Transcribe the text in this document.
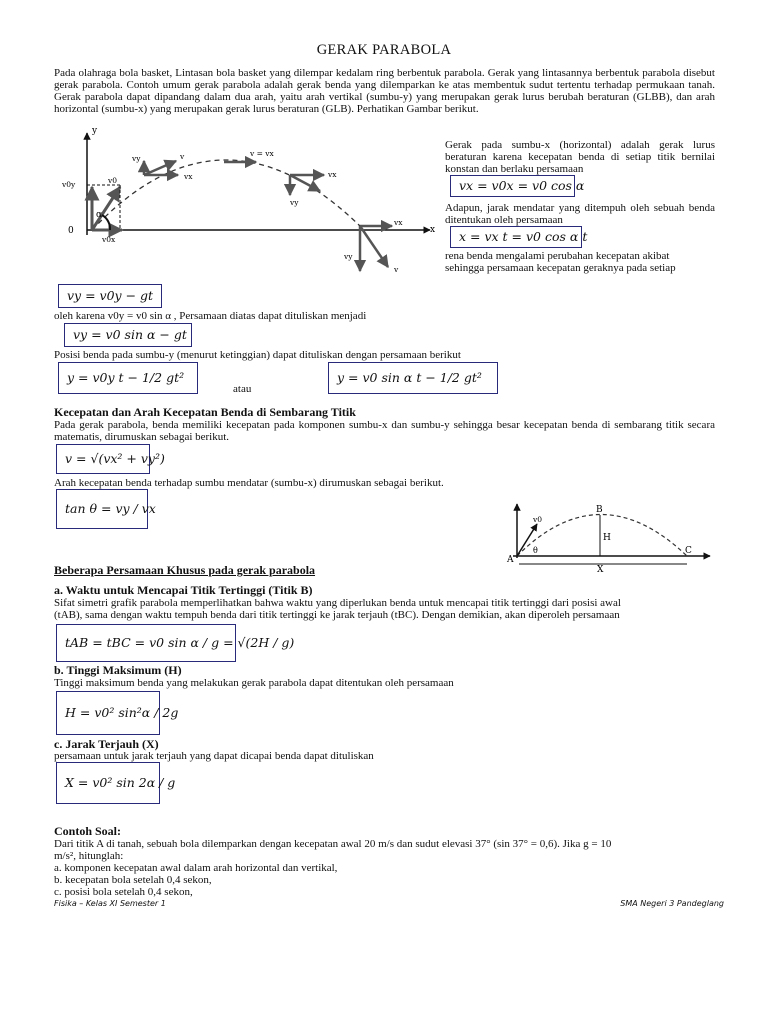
GERAK PARABOLA
Pada olahraga bola basket, Lintasan bola basket yang dilempar kedalam ring berbentuk parabola. Gerak yang lintasannya berbentuk parabola disebut gerak parabola. Contoh umum gerak parabola adalah gerak benda yang dilemparkan ke atas membentuk sudut tertentu terhadap permukaan tanah. Gerak parabola dapat dipandang dalam dua arah, yaitu arah vertikal (sumbu-y) yang merupakan gerak lurus berubah beraturan (GLBB), dan arah horizontal (sumbu-x) yang merupakan gerak lurus beraturan (GLB). Perhatikan Gambar berikut.
y
x
0
v0y	v0
α
v0x
vy	v
vx
v = vx
vx
vy
vx
vy
v
Gerak pada sumbu-x (horizontal) adalah gerak lurus beraturan karena kecepatan benda di setiap titik bernilai konstan dan berlaku persamaan
vx = v0x = v0 cos α
Adapun, jarak mendatar yang ditempuh oleh sebuah benda ditentukan oleh persamaan
x = vx t = v0 cos α t
rena benda mengalami perubahan kecepatan akibat
sehingga persamaan kecepatan geraknya pada setiap
vy = v0y − gt
oleh karena v0y = v0 sin α , Persamaan diatas dapat dituliskan menjadi
vy = v0 sin α − gt
Posisi benda pada sumbu-y (menurut ketinggian) dapat dituliskan dengan persamaan berikut
y = v0y t − 1/2 gt²
atau
y = v0 sin α t − 1/2 gt²
Kecepatan dan Arah Kecepatan Benda di Sembarang Titik
Pada gerak parabola, benda memiliki kecepatan pada komponen sumbu-x dan sumbu-y sehingga besar kecepatan benda di sembarang titik secara matematis, dirumuskan sebagai berikut.
v = √(vx² + vy²)
Arah kecepatan benda terhadap sumbu mendatar (sumbu-x) dirumuskan sebagai berikut.
tan θ = vy / vx
A
B
C
H
X
v0
θ
Beberapa Persamaan Khusus pada gerak parabola
a. Waktu untuk Mencapai Titik Tertinggi (Titik B)
Sifat simetri grafik parabola memperlihatkan bahwa waktu yang diperlukan benda untuk mencapai titik tertinggi dari posisi awal
(tAB), sama dengan waktu tempuh benda dari titik tertinggi ke jarak terjauh (tBC). Dengan demikian, akan diperoleh persamaan
tAB = tBC = v0 sin α / g = √(2H / g)
b. Tinggi Maksimum (H)
Tinggi maksimum benda yang melakukan gerak parabola dapat ditentukan oleh persamaan
H = v0² sin²α / 2g
c. Jarak Terjauh (X)
persamaan untuk jarak terjauh yang dapat dicapai benda dapat dituliskan
X = v0² sin 2α / g
Contoh Soal:
Dari titik A di tanah, sebuah bola dilemparkan dengan kecepatan awal 20 m/s dan sudut elevasi 37° (sin 37° = 0,6). Jika g = 10
m/s², hitunglah:
a. komponen kecepatan awal dalam arah horizontal dan vertikal,
b. kecepatan bola setelah 0,4 sekon,
c. posisi bola setelah 0,4 sekon,
Fisika – Kelas XI Semester 1	SMA Negeri 3 Pandeglang
